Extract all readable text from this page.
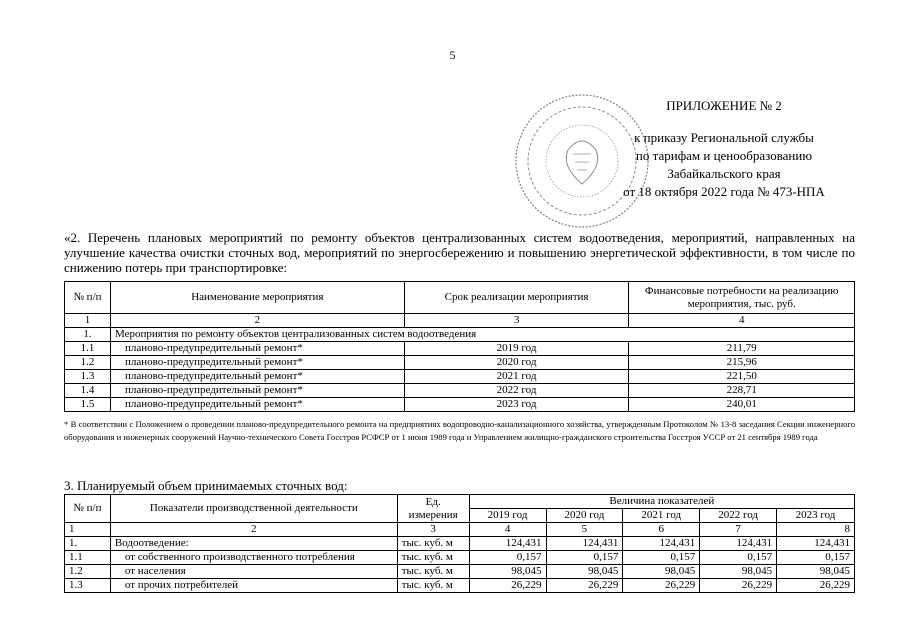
5
ПРИЛОЖЕНИЕ № 2
к приказу Региональной службы
по тарифам и ценообразованию
Забайкальского края
от 18 октября 2022 года № 473-НПА
«2. Перечень плановых мероприятий по ремонту объектов централизованных систем водоотведения, мероприятий, направленных на улучшение качества очистки сточных вод, мероприятий по энергосбережению и повышению энергетической эффективности, в том числе по снижению потерь при транспортировке:
№ п/п	Наименование мероприятия	Срок реализации мероприятия	Финансовые потребности на реализацию мероприятия, тыс. руб.
1	2	3	4
1.	Мероприятия по ремонту объектов централизованных систем водоотведения		
1.1	планово-предупредительный ремонт*	2019 год	211,79
1.2	планово-предупредительный ремонт*	2020 год	215,96
1.3	планово-предупредительный ремонт*	2021 год	221,50
1.4	планово-предупредительный ремонт*	2022 год	228,71
1.5	планово-предупредительный ремонт*	2023 год	240,01
* В соответствии с Положением о проведении планово-предупредительного ремонта на предприятиях водопроводно-канализационного хозяйства, утвержденным Протоколом № 13-8 заседания Секции инженерного оборудования и инженерных сооружений Научно-технического Совета Госстроя РСФСР от 1 июня 1989 года и Управлением жилищно-гражданского строительства Госстроя УССР от 21 сентября 1989 года
3. Планируемый объем принимаемых сточных вод:
№ п/п	Показатели производственной деятельности	Ед. измерения	Величина показателей				
			2019 год	2020 год	2021 год	2022 год	2023 год
1	2	3	4	5	6	7	8
1.	Водоотведение:	тыс. куб. м	124,431	124,431	124,431	124,431	124,431
1.1	от собственного производственного потребления	тыс. куб. м	0,157	0,157	0,157	0,157	0,157
1.2	от населения	тыс. куб. м	98,045	98,045	98,045	98,045	98,045
1.3	от прочих потребителей	тыс. куб. м	26,229	26,229	26,229	26,229	26,229
